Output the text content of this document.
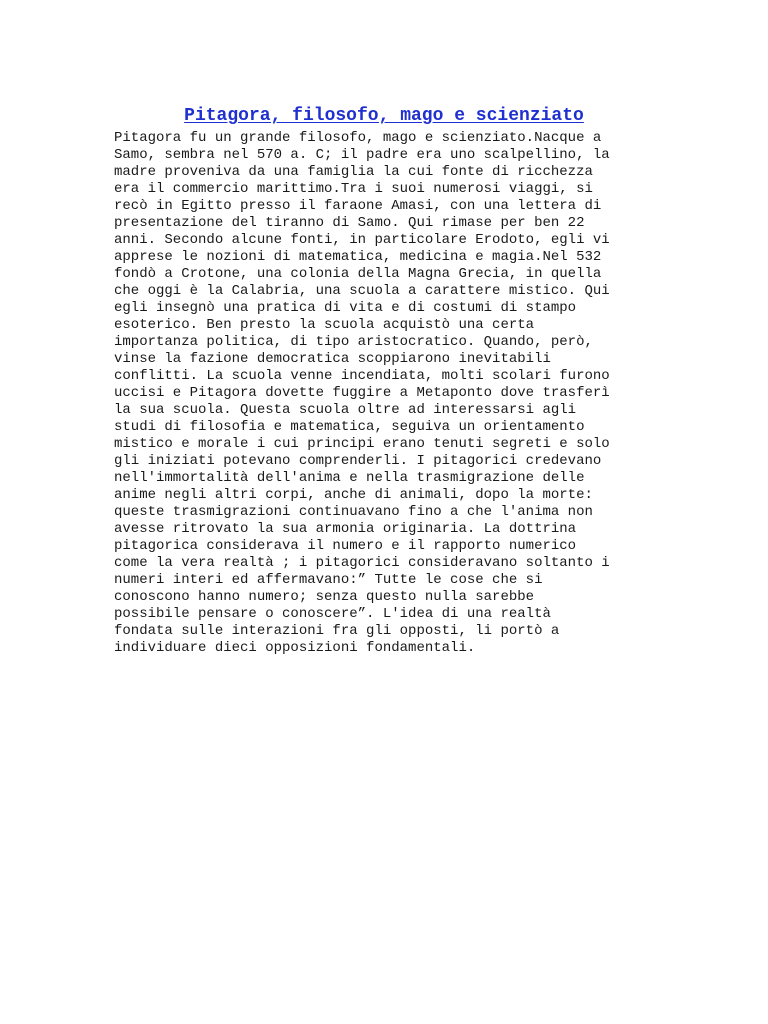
Pitagora, filosofo, mago e scienziato
Pitagora fu un grande filosofo, mago e scienziato.Nacque a
Samo, sembra nel 570 a. C; il padre era uno scalpellino, la
madre proveniva da una famiglia la cui fonte di ricchezza
era il commercio marittimo.Tra i suoi numerosi viaggi, si
recò in Egitto presso il faraone Amasi, con una lettera di
presentazione del tiranno di Samo. Qui rimase per ben 22
anni. Secondo alcune fonti, in particolare Erodoto, egli vi
apprese le nozioni di matematica, medicina e magia.Nel 532
fondò a Crotone, una colonia della Magna Grecia, in quella
che oggi è la Calabria, una scuola a carattere mistico. Qui
egli insegnò una pratica di vita e di costumi di stampo
esoterico. Ben presto la scuola acquistò una certa
importanza politica, di tipo aristocratico. Quando, però,
vinse la fazione democratica scoppiarono inevitabili
conflitti. La scuola venne incendiata, molti scolari furono
uccisi e Pitagora dovette fuggire a Metaponto dove trasferì
la sua scuola. Questa scuola oltre ad interessarsi agli
studi di filosofia e matematica, seguiva un orientamento
mistico e morale i cui principi erano tenuti segreti e solo
gli iniziati potevano comprenderli. I pitagorici credevano
nell'immortalità dell'anima e nella trasmigrazione delle
anime negli altri corpi, anche di animali, dopo la morte:
queste trasmigrazioni continuavano fino a che l'anima non
avesse ritrovato la sua armonia originaria. La dottrina
pitagorica considerava il numero e il rapporto numerico
come la vera realtà ; i pitagorici consideravano soltanto i
numeri interi ed affermavano:” Tutte le cose che si
conoscono hanno numero; senza questo nulla sarebbe
possibile pensare o conoscere”. L'idea di una realtà
fondata sulle interazioni fra gli opposti, li portò a
individuare dieci opposizioni fondamentali.
